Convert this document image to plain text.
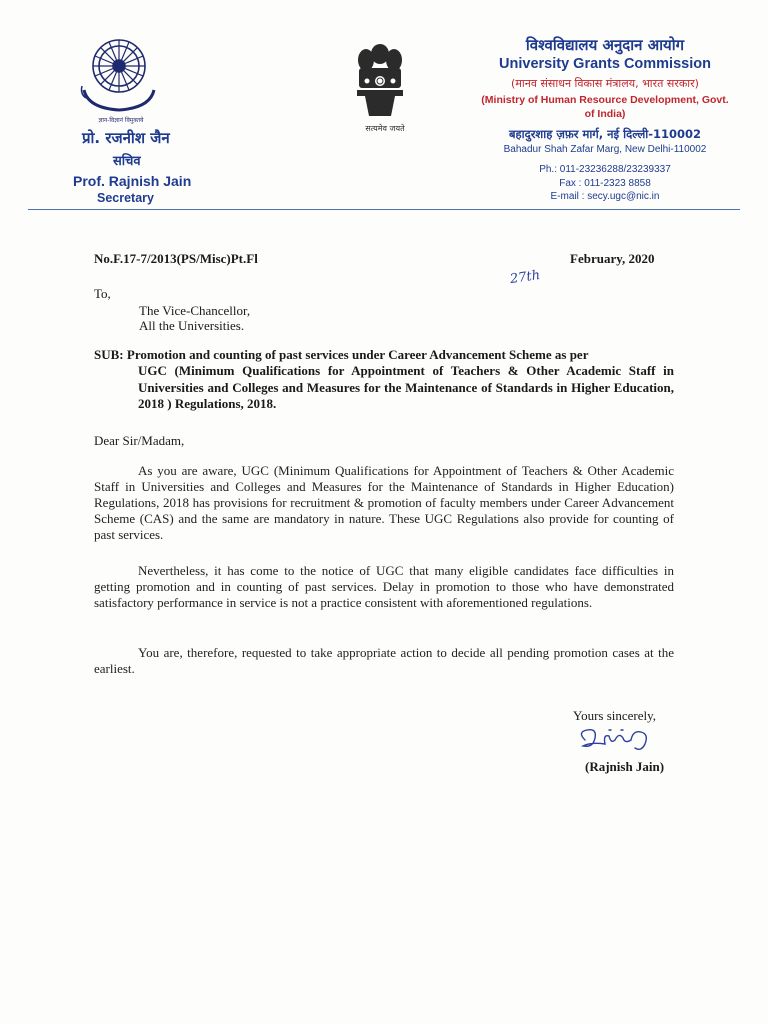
ज्ञान-विज्ञानं विमुक्तये
प्रो. रजनीश जैन
सचिव
Prof. Rajnish Jain
Secretary
सत्यमेव जयते
विश्वविद्यालय अनुदान आयोग
University Grants Commission
(मानव संसाधन विकास मंत्रालय, भारत सरकार)
(Ministry of Human Resource Development, Govt. of India)
बहादुरशाह ज़फ़र मार्ग, नई दिल्ली-110002
Bahadur Shah Zafar Marg, New Delhi-110002
Ph.: 011-23236288/23239337
Fax : 011-2323 8858
E-mail : secy.ugc@nic.in
No.F.17-7/2013(PS/Misc)Pt.Fl	February, 2020
27th
To,
The Vice-Chancellor,
All the Universities.
SUB: Promotion and counting of past services under Career Advancement Scheme as per
UGC (Minimum Qualifications for Appointment of Teachers & Other Academic Staff in Universities and Colleges and Measures for the Maintenance of Standards in Higher Education, 2018 ) Regulations, 2018.
Dear Sir/Madam,

As you are aware, UGC (Minimum Qualifications for Appointment of Teachers & Other Academic Staff in Universities and Colleges and Measures for the Maintenance of Standards in Higher Education) Regulations, 2018 has provisions for recruitment & promotion of faculty members under Career Advancement Scheme (CAS) and the same are mandatory in nature. These UGC Regulations also provide for counting of past services.

Nevertheless, it has come to the notice of UGC that many eligible candidates face difficulties in getting promotion and in counting of past services. Delay in promotion to those who have demonstrated satisfactory performance in service is not a practice consistent with aforementioned regulations.

You are, therefore, requested to take appropriate action to decide all pending promotion cases at the earliest.

Yours sincerely,
(Rajnish Jain)
